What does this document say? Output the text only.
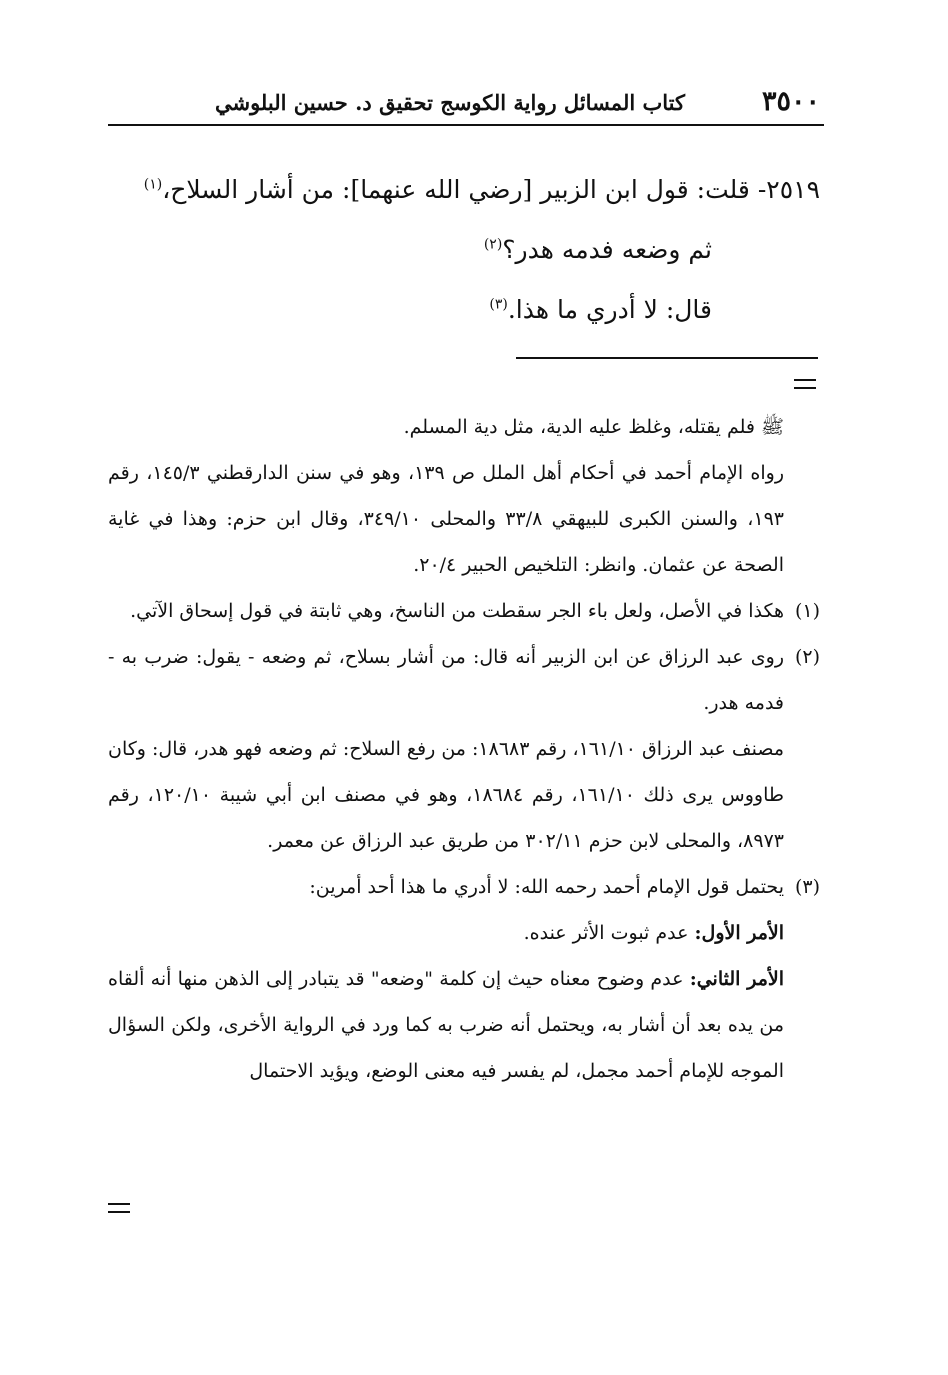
٣٥٠٠
كتاب المسائل رواية الكوسج تحقيق د. حسين البلوشي
٢٥١٩- قلت: قول ابن الزبير [رضي الله عنهما]: من أشار السلاح،$^{(١)}$
ثم وضعه فدمه هدر؟$^{(٢)}$
قال: لا أدري ما هذا.$^{(٣)}$
ﷺ فلم يقتله، وغلظ عليه الدية، مثل دية المسلم.
رواه الإمام أحمد في أحكام أهل الملل ص ١٣٩، وهو في سنن الدارقطني ١٤٥/٣، رقم ١٩٣، والسنن الكبرى للبيهقي ٣٣/٨ والمحلى ٣٤٩/١٠، وقال ابن حزم: وهذا في غاية الصحة عن عثمان. وانظر: التلخيص الحبير ٢٠/٤.
(١)هكذا في الأصل، ولعل باء الجر سقطت من الناسخ، وهي ثابتة في قول إسحاق الآتي.
(٢)روى عبد الرزاق عن ابن الزبير أنه قال: من أشار بسلاح، ثم وضعه - يقول: ضرب به - فدمه هدر.
مصنف عبد الرزاق ١٦١/١٠، رقم ١٨٦٨٣: من رفع السلاح: ثم وضعه فهو هدر، قال: وكان طاووس يرى ذلك ١٦١/١٠، رقم ١٨٦٨٤، وهو في مصنف ابن أبي شيبة ١٢٠/١٠، رقم ٨٩٧٣، والمحلى لابن حزم ٣٠٢/١١ من طريق عبد الرزاق عن معمر.
(٣)يحتمل قول الإمام أحمد رحمه الله: لا أدري ما هذا أحد أمرين:
الأمر الأول: عدم ثبوت الأثر عنده.
الأمر الثاني: عدم وضوح معناه حيث إن كلمة "وضعه" قد يتبادر إلى الذهن منها أنه ألقاه من يده بعد أن أشار به، ويحتمل أنه ضرب به كما ورد في الرواية الأخرى، ولكن السؤال الموجه للإمام أحمد مجمل، لم يفسر فيه معنى الوضع، ويؤيد الاحتمال
